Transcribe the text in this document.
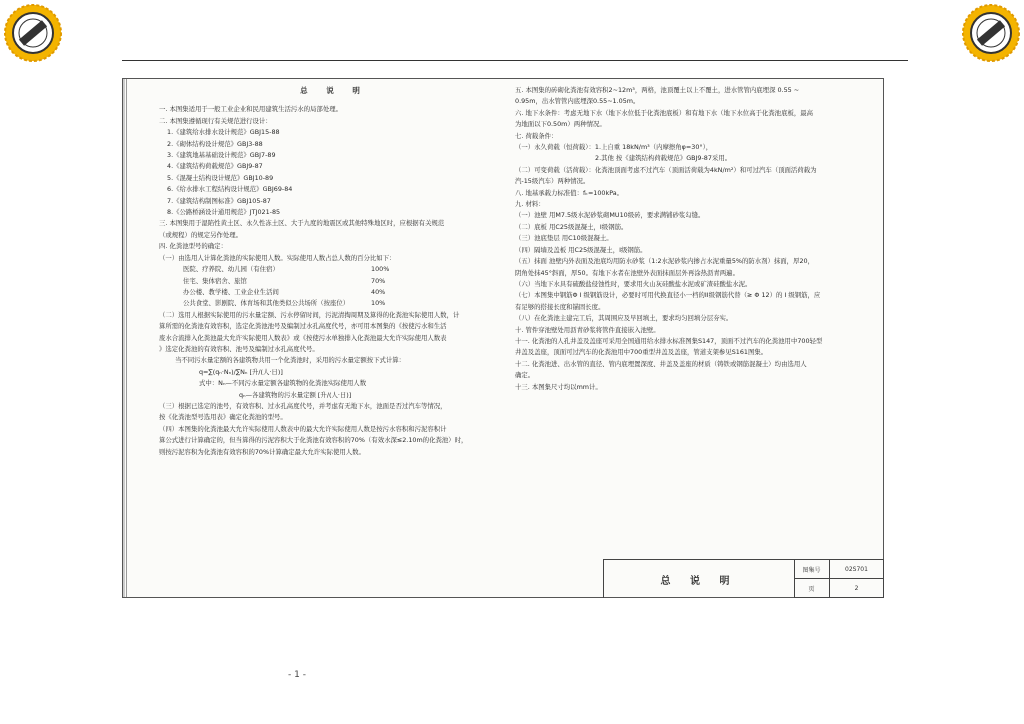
总 说 明
一. 本图集适用于一般工业企业和民用建筑生活污水的局部处理。
二. 本图集遵循现行有关规范进行设计：
1.《建筑给水排水设计规范》GBJ15-88
2.《砌体结构设计规范》GBJ3-88
3.《建筑地基基础设计规范》GBJ7-89
4.《建筑结构荷载规范》GBJ9-87
5.《混凝土结构设计规范》GBJ10-89
6.《给水排水工程结构设计规范》GBJ69-84
7.《建筑结构制图标准》GBJ105-87
8.《公路桥涵设计通用规范》JTJ021-85
三. 本图集用于湿陷性黄土区、永久性冻土区、大于九度的地震区或其他特殊地区时，应根据有关规范
（或规程）的规定另作处理。
四. 化粪池型号的确定：
（一）由选用人计算化粪池的实际使用人数。实际使用人数占总人数的百分比如下：
医院、疗养院、幼儿园（有住宿）	100%
住宅、集体宿舍、旅馆	70%
办公楼、教学楼、工业企业生活间	40%
公共食堂、影剧院、体育场和其他类似公共场所（按座位）	10%
（二）选用人根据实际使用的污水量定额、污水停留时间，污泥清掏周期及算得的化粪池实际使用人数，计
算所需的化粪池有效容积，选定化粪池池号及编制过水孔高度代号，亦可用本图集的《按使污水和生活
废水合流排入化粪池最大允许实际使用人数表》或《按使污水单独排入化粪池最大允许实际使用人数表
》选定化粪池的有效容积、池号及编制过水孔高度代号。
当不同污水量定额的各建筑物共用一个化粪池时，采用的污水量定额按下式计算：
q=∑(qₙ·Nₙ)/∑Nₙ [升/(人·日)]
式中：Nₙ—不同污水量定额各建筑物的化粪池实际使用人数
qₙ—各建筑物的污水量定额 [升/(人·日)]
（三）根据已选定的池号，有效容积、过水孔高度代号，并考虑有无地下水，池面是否过汽车等情况，
按《化粪池型号选用表》确定化粪池的型号。
（四）本图集的化粪池最大允许实际使用人数表中的最大允许实际使用人数是按污水容积和污泥容积计
算公式进行计算确定的，但当算得的污泥容积大于化粪池有效容积的70%（有效水深≤2.10m的化粪池）时，
则按污泥容积为化粪池有效容积的70%计算确定最大允许实际使用人数。
五. 本图集的砖砌化粪池有效容积2~12m³，两格，池顶覆土以上不覆土，进水管管内底埋深 0.55 ~
0.95m，出水管管内底埋深0.55~1.05m。
六. 地下水条件：考虑无地下水（地下水位低于化粪池底板）和有地下水（地下水位高于化粪池底板，最高
为地面以下0.50m）两种情况。
七. 荷载条件：
（一）永久荷载（恒荷载）：1.上自重 18kN/m³（内摩擦角φ=30°），
2.其他 按《建筑结构荷载规范》GBJ9-87采用。
（二）可变荷载（活荷载）：化粪池顶面考虑不过汽车（顶面活荷载为4kN/m²）和可过汽车（顶面活荷载为
汽-15级汽车）两种情况。
八. 地基承载力标准值：fₖ=100kPa。
九. 材料：
（一）池壁 用M7.5级水泥砂浆砌MU10级砖，要求满铺砂浆勾缝。
（二）底板 用C25级混凝土，I级钢筋。
（三）池底垫层 用C10级混凝土。
（四）隔墙及盖板 用C25级混凝土，I级钢筋。
（五）抹面 池壁内外表面及池底均用防水砂浆（1:2水泥砂浆内掺占水泥重量5%的防水剂）抹面，厚20，
阴角处抹45°斜面，厚50。有地下水者在池壁外表面抹面层外再涂热沥青两遍。
（六）当地下水具有硫酸盐侵蚀性时，要求用火山灰硅酸盐水泥或矿渣硅酸盐水泥。
（七）本图集中钢筋Φ I 级钢筋设计，必要时可用代换直径小一档的II级钢筋代替（≥ Φ 12）的 I 级钢筋，应
有足够的搭接长度和锚固长度。
（八）在化粪池主建完工后，其周围应及早回填土，要求均匀回填分层夯实。
十. 管件穿池壁处用沥青砂浆将管件直接嵌入池壁。
十一. 化粪池的人孔井盖及盖座可采用全国通用给水排水标准图集S147，顶面不过汽车的化粪池用中700轻型
井盖及盖座，顶面可过汽车的化粪池用中700重型井盖及盖座，管道支架参见S161图集。
十二. 化粪池进、出水管的直径、管内底埋置深度、井盖及盖座的材质（铸铁或钢筋混凝土）均由选用人
确定。
十三. 本图集尺寸均以mm计。
总 说 明
图集号	02S701
页	2
- 1 -
